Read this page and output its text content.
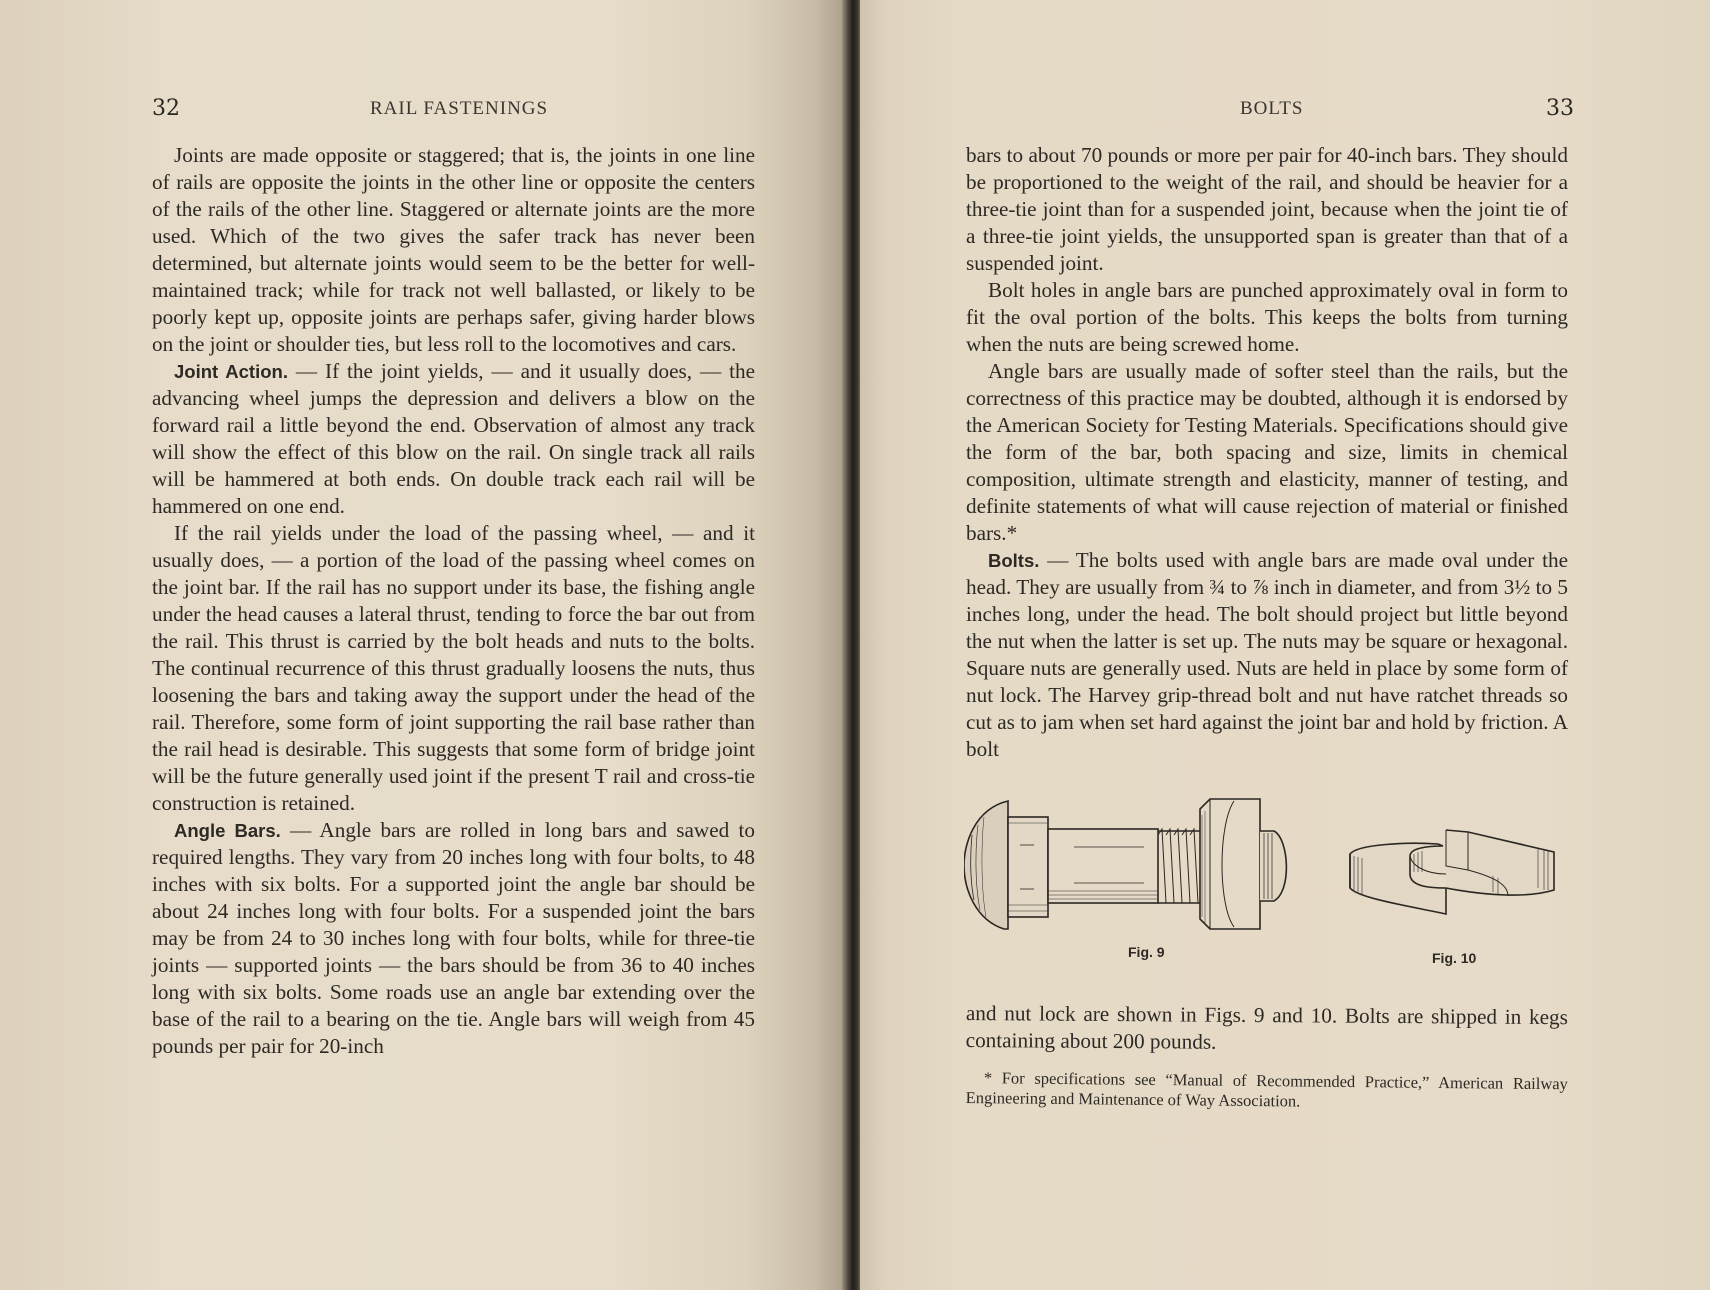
32	RAIL FASTENINGS

Joints are made opposite or staggered; that is, the joints in one line of rails are opposite the joints in the other line or opposite the centers of the rails of the other line. Staggered or alternate joints are the more used. Which of the two gives the safer track has never been determined, but alternate joints would seem to be the better for well-maintained track; while for track not well ballasted, or likely to be poorly kept up, opposite joints are perhaps safer, giving harder blows on the joint or shoulder ties, but less roll to the locomotives and cars.

Joint Action. — If the joint yields, — and it usually does, — the advancing wheel jumps the depression and delivers a blow on the forward rail a little beyond the end. Observation of almost any track will show the effect of this blow on the rail. On single track all rails will be hammered at both ends. On double track each rail will be hammered on one end.

If the rail yields under the load of the passing wheel, — and it usually does, — a portion of the load of the passing wheel comes on the joint bar. If the rail has no support under its base, the fishing angle under the head causes a lateral thrust, tending to force the bar out from the rail. This thrust is carried by the bolt heads and nuts to the bolts. The continual recurrence of this thrust gradually loosens the nuts, thus loosening the bars and taking away the support under the head of the rail. Therefore, some form of joint supporting the rail base rather than the rail head is desirable. This suggests that some form of bridge joint will be the future generally used joint if the present T rail and cross-tie construction is retained.

Angle Bars. — Angle bars are rolled in long bars and sawed to required lengths. They vary from 20 inches long with four bolts, to 48 inches with six bolts. For a supported joint the angle bar should be about 24 inches long with four bolts. For a suspended joint the bars may be from 24 to 30 inches long with four bolts, while for three-tie joints — supported joints — the bars should be from 36 to 40 inches long with six bolts. Some roads use an angle bar extending over the base of the rail to a bearing on the tie. Angle bars will weigh from 45 pounds per pair for 20-inch

BOLTS	33

bars to about 70 pounds or more per pair for 40-inch bars. They should be proportioned to the weight of the rail, and should be heavier for a three-tie joint than for a suspended joint, because when the joint tie of a three-tie joint yields, the unsupported span is greater than that of a suspended joint.

Bolt holes in angle bars are punched approximately oval in form to fit the oval portion of the bolts. This keeps the bolts from turning when the nuts are being screwed home.

Angle bars are usually made of softer steel than the rails, but the correctness of this practice may be doubted, although it is endorsed by the American Society for Testing Materials. Specifications should give the form of the bar, both spacing and size, limits in chemical composition, ultimate strength and elasticity, manner of testing, and definite statements of what will cause rejection of material or finished bars.*

Bolts. — The bolts used with angle bars are made oval under the head. They are usually from ¾ to ⅞ inch in diameter, and from 3½ to 5 inches long, under the head. The bolt should project but little beyond the nut when the latter is set up. The nuts may be square or hexagonal. Square nuts are generally used. Nuts are held in place by some form of nut lock. The Harvey grip-thread bolt and nut have ratchet threads so cut as to jam when set hard against the joint bar and hold by friction. A bolt

Fig. 9	Fig. 10

and nut lock are shown in Figs. 9 and 10. Bolts are shipped in kegs containing about 200 pounds.

* For specifications see “Manual of Recommended Practice,” American Railway Engineering and Maintenance of Way Association.
